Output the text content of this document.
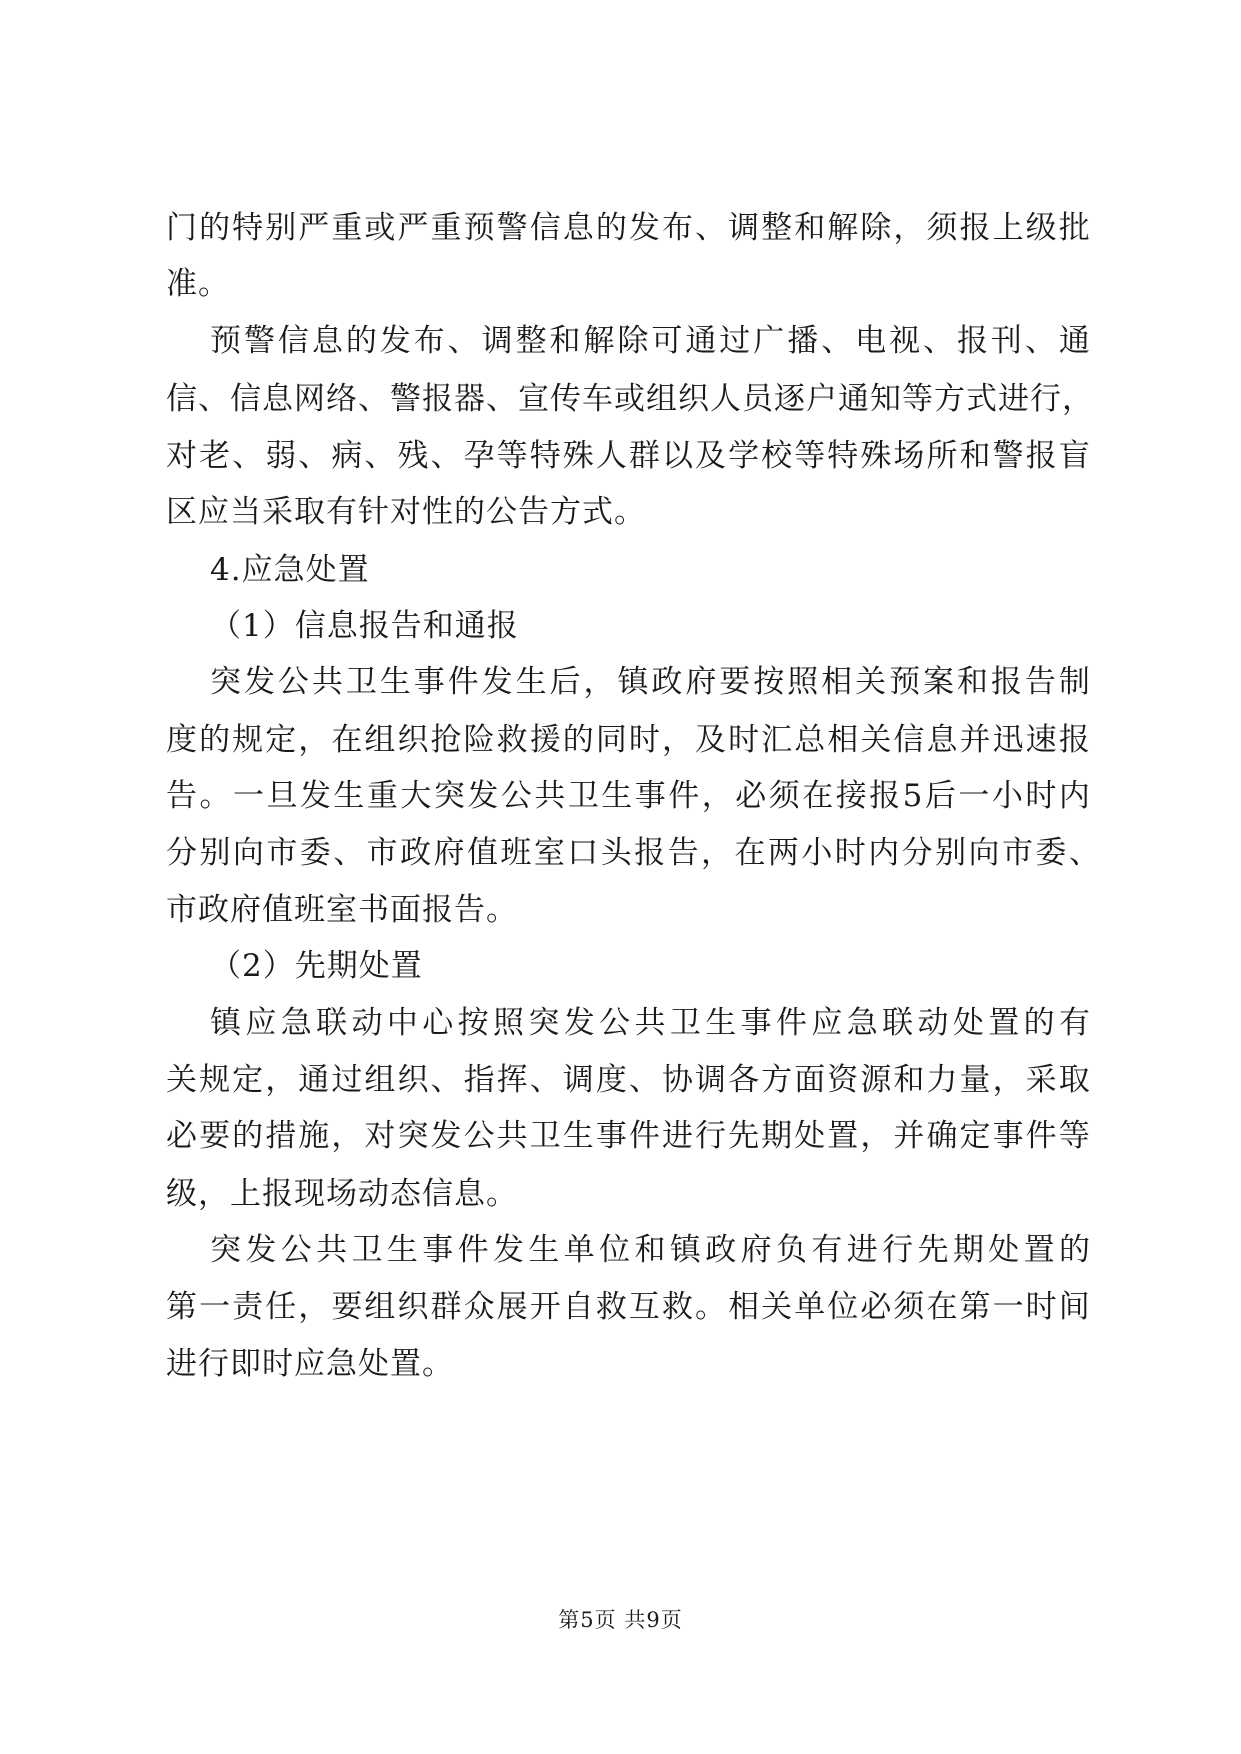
门 的 特 别 严 重 或 严 重 预 警 信 息 的 发 布 、 调 整 和 解 除 ， 须 报 上 级 批
准。
预 警 信 息 的 发 布 、 调 整 和 解 除 可 通 过 广 播 、 电 视 、 报 刊 、 通
信 、 信 息 网 络 、 警 报 器 、 宣 传 车 或 组 织 人 员 逐 户 通 知 等 方 式 进 行 ，
对 老 、 弱 、 病 、 残 、 孕 等 特 殊 人 群 以 及 学 校 等 特 殊 场 所 和 警 报 盲
区应当采取有针对性的公告方式。
4.应急处置
（1）信息报告和通报
突 发 公 共 卫 生 事 件 发 生 后 ， 镇 政 府 要 按 照 相 关 预 案 和 报 告 制
度 的 规 定 ， 在 组 织 抢 险 救 援 的 同 时 ， 及 时 汇 总 相 关 信 息 并 迅 速 报
告 。 一 旦 发 生 重 大 突 发 公 共 卫 生 事 件 ， 必 须 在 接 报 5 后 一 小 时 内
分 别 向 市 委 、 市 政 府 值 班 室 口 头 报 告 ， 在 两 小 时 内 分 别 向 市 委 、
市政府值班室书面报告。
（2）先期处置
镇 应 急 联 动 中 心 按 照 突 发 公 共 卫 生 事 件 应 急 联 动 处 置 的 有
关 规 定 ， 通 过 组 织 、 指 挥 、 调 度 、 协 调 各 方 面 资 源 和 力 量 ， 采 取
必 要 的 措 施 ， 对 突 发 公 共 卫 生 事 件 进 行 先 期 处 置 ， 并 确 定 事 件 等
级，上报现场动态信息。
突 发 公 共 卫 生 事 件 发 生 单 位 和 镇 政 府 负 有 进 行 先 期 处 置 的
第 一 责 任 ， 要 组 织 群 众 展 开 自 救 互 救 。 相 关 单 位 必 须 在 第 一 时 间
进行即时应急处置。
第5页 共9页
